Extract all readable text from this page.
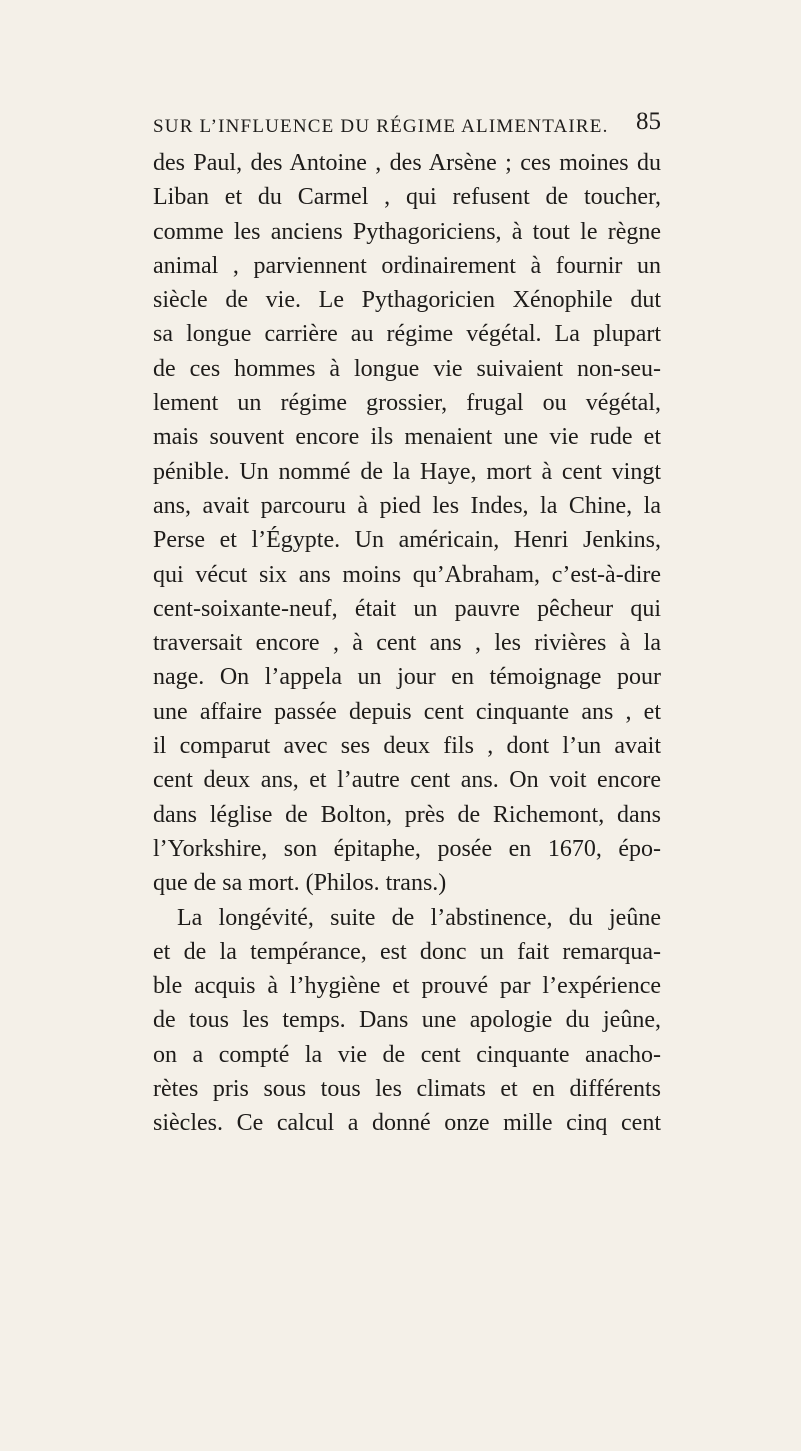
SUR L’INFLUENCE DU RÉGIME ALIMENTAIRE. 85
des Paul, des Antoine , des Arsène ; ces moines du
Liban et du Carmel , qui refusent de toucher,
comme les anciens Pythagoriciens, à tout le règne
animal , parviennent ordinairement à fournir un
siècle de vie. Le Pythagoricien Xénophile dut
sa longue carrière au régime végétal. La plupart
de ces hommes à longue vie suivaient non-seu-
lement un régime grossier, frugal ou végétal,
mais souvent encore ils menaient une vie rude et
pénible. Un nommé de la Haye, mort à cent vingt
ans, avait parcouru à pied les Indes, la Chine, la
Perse et l’Égypte. Un américain, Henri Jenkins,
qui vécut six ans moins qu’Abraham, c’est-à-dire
cent-soixante-neuf, était un pauvre pêcheur qui
traversait encore , à cent ans , les rivières à la
nage. On l’appela un jour en témoignage pour
une affaire passée depuis cent cinquante ans , et
il comparut avec ses deux fils , dont l’un avait
cent deux ans, et l’autre cent ans. On voit encore
dans léglise de Bolton, près de Richemont, dans
l’Yorkshire, son épitaphe, posée en 1670, épo-
que de sa mort. (Philos. trans.)
La longévité, suite de l’abstinence, du jeûne
et de la tempérance, est donc un fait remarqua-
ble acquis à l’hygiène et prouvé par l’expérience
de tous les temps. Dans une apologie du jeûne,
on a compté la vie de cent cinquante anacho-
rètes pris sous tous les climats et en différents
siècles. Ce calcul a donné onze mille cinq cent
